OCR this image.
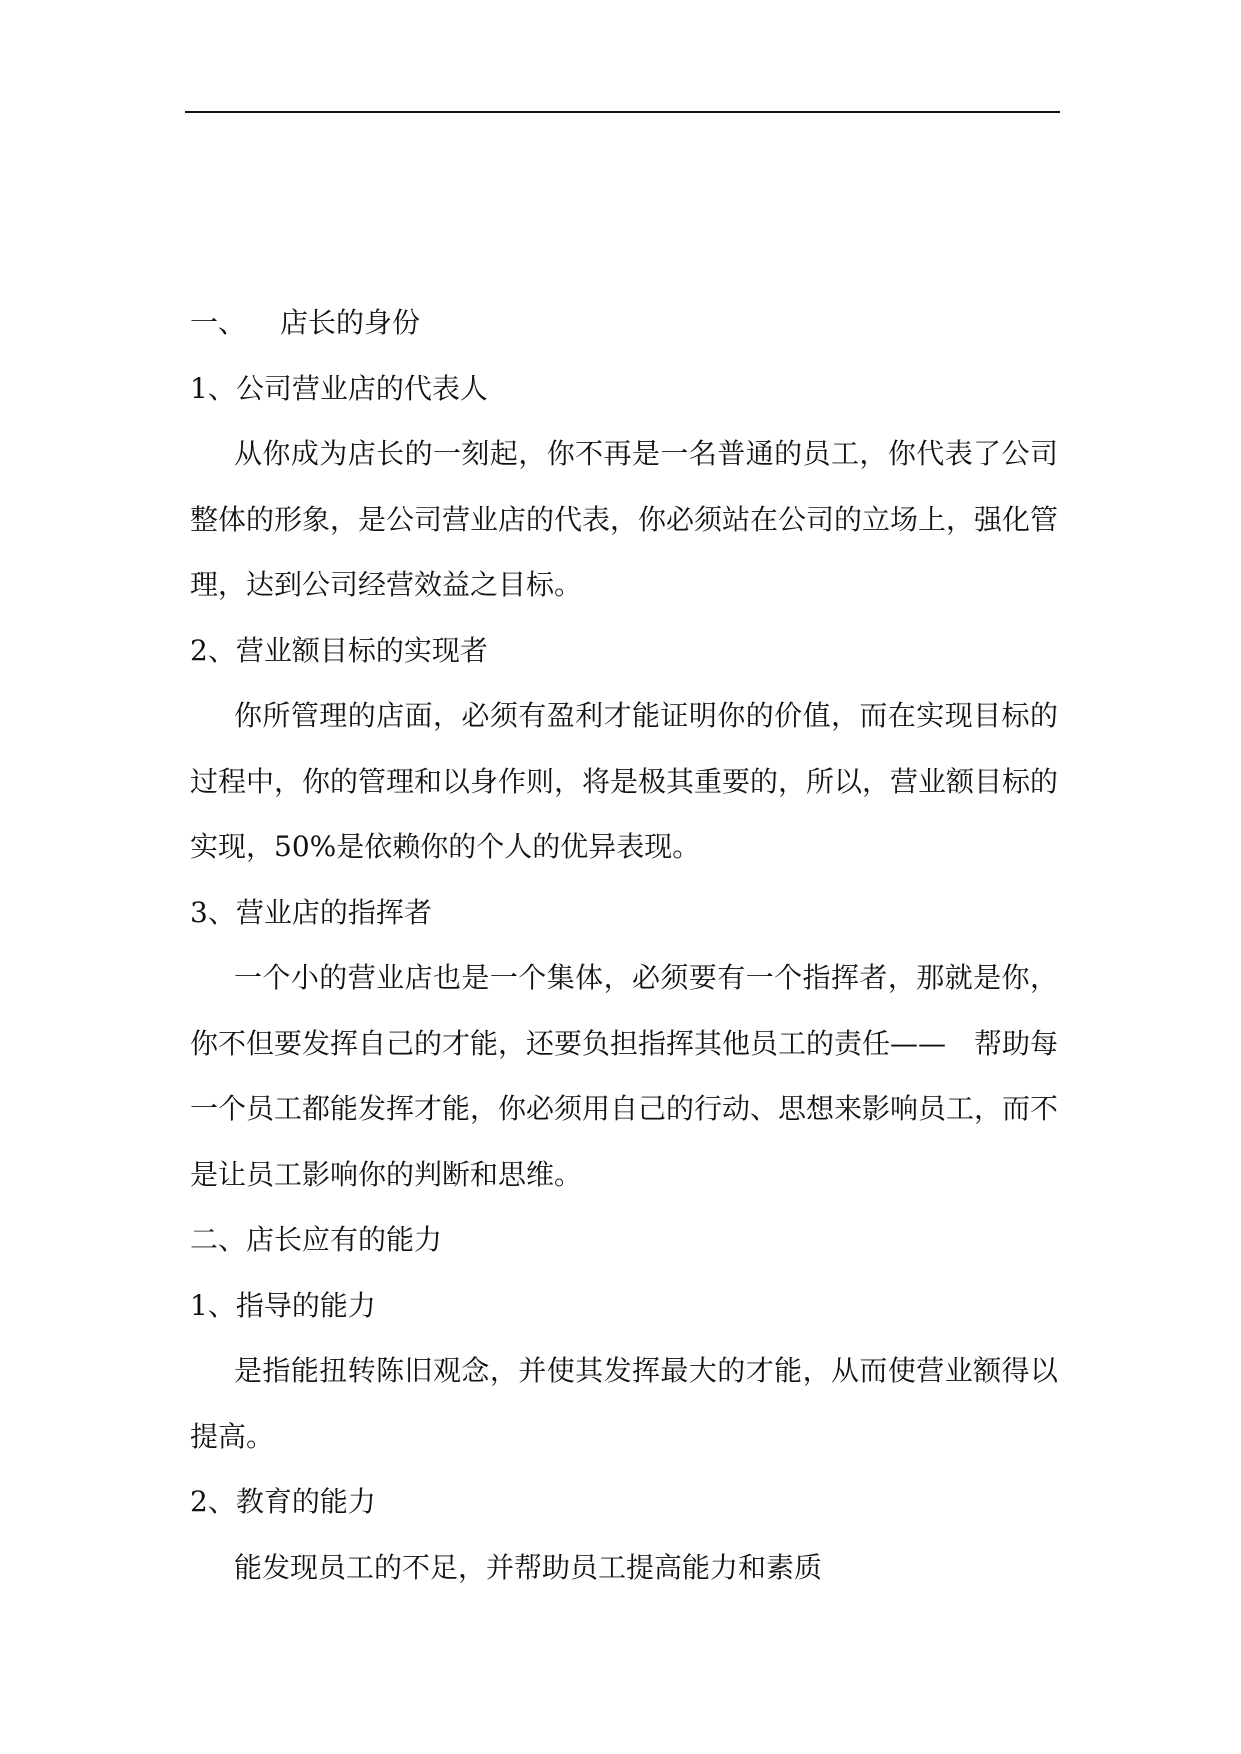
一、 店长的身份

1、公司营业店的代表人

从你成为店长的一刻起，你不再是一名普通的员工，你代表了公司整体的形象，是公司营业店的代表，你必须站在公司的立场上，强化管理，达到公司经营效益之目标。

2、营业额目标的实现者

你所管理的店面，必须有盈利才能证明你的价值，而在实现目标的过程中，你的管理和以身作则，将是极其重要的，所以，营业额目标的实现，50%是依赖你的个人的优异表现。

3、营业店的指挥者

一个小的营业店也是一个集体，必须要有一个指挥者，那就是你，你不但要发挥自己的才能，还要负担指挥其他员工的责任——　帮助每一个员工都能发挥才能，你必须用自己的行动、思想来影响员工，而不是让员工影响你的判断和思维。

二、店长应有的能力

1、指导的能力

是指能扭转陈旧观念，并使其发挥最大的才能，从而使营业额得以提高。

2、教育的能力

能发现员工的不足，并帮助员工提高能力和素质
